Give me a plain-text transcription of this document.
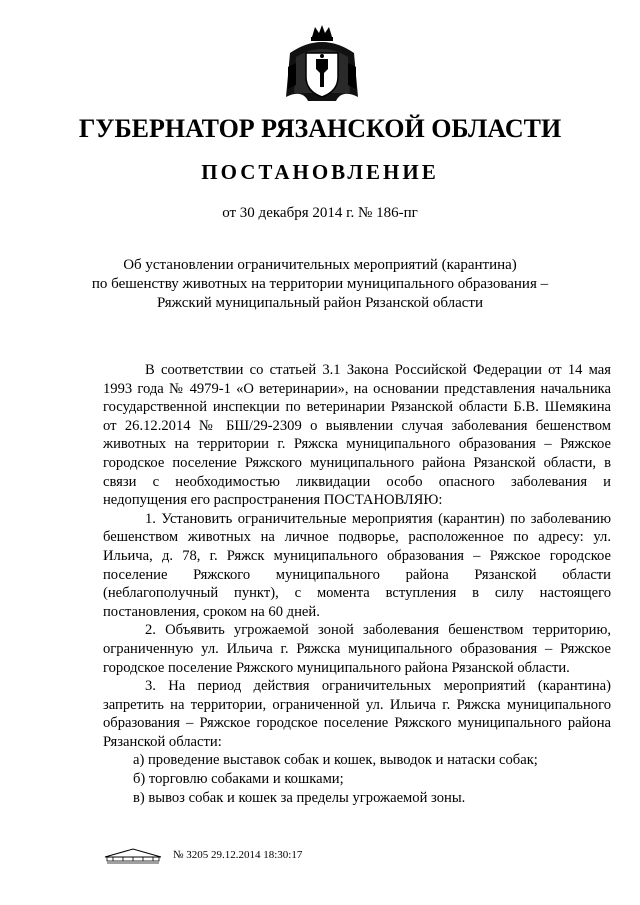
ГУБЕРНАТОР РЯЗАНСКОЙ ОБЛАСТИ
ПОСТАНОВЛЕНИЕ
от 30 декабря 2014 г. № 186-пг
Об установлении ограничительных мероприятий (карантина)
по бешенству животных на территории муниципального образования –
Ряжский муниципальный район Рязанской области

В соответствии со статьей 3.1 Закона Российской Федерации от 14 мая 1993 года № 4979-1 «О ветеринарии», на основании представления начальника государственной инспекции по ветеринарии Рязанской области Б.В. Шемякина от 26.12.2014 № БШ/29-2309 о выявлении случая заболевания бешенством животных на территории г. Ряжска муниципального образования – Ряжское городское поселение Ряжского муниципального района Рязанской области, в связи с необходимостью ликвидации особо опасного заболевания и недопущения его распространения ПОСТАНОВЛЯЮ:

1. Установить ограничительные мероприятия (карантин) по заболеванию бешенством животных на личное подворье, расположенное по адресу: ул. Ильича, д. 78, г. Ряжск муниципального образования – Ряжское городское поселение Ряжского муниципального района Рязанской области (неблагополучный пункт), с момента вступления в силу настоящего постановления, сроком на 60 дней.

2. Объявить угрожаемой зоной заболевания бешенством территорию, ограниченную ул. Ильича г. Ряжска муниципального образования – Ряжское городское поселение Ряжского муниципального района Рязанской области.

3. На период действия ограничительных мероприятий (карантина) запретить на территории, ограниченной ул. Ильича г. Ряжска муниципального образования – Ряжское городское поселение Ряжского муниципального района Рязанской области:

а) проведение выставок собак и кошек, выводок и натаски собак;

б) торговлю собаками и кошками;

в) вывоз собак и кошек за пределы угрожаемой зоны.

№ 3205 29.12.2014 18:30:17
